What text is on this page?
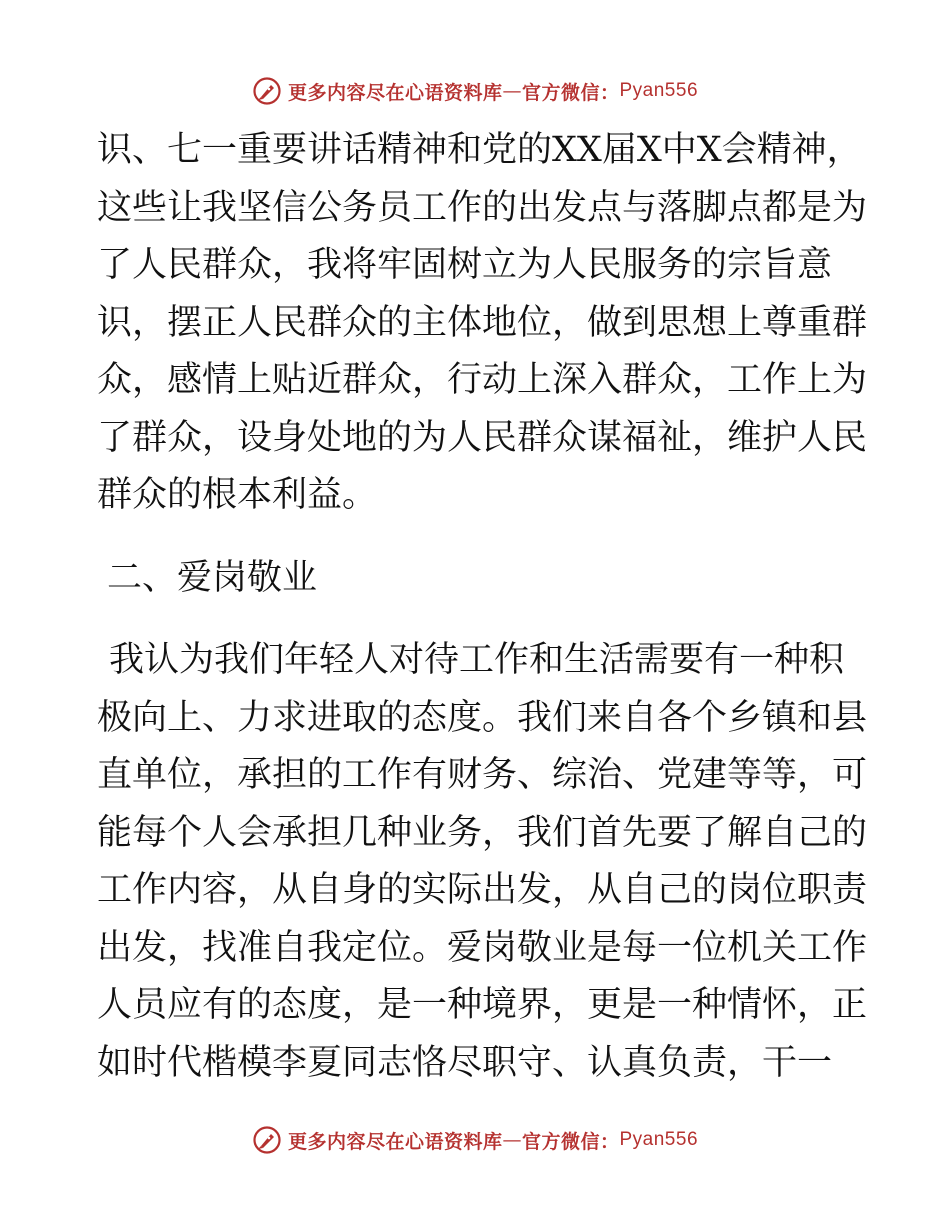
更多内容尽在心语资料库 — 官方微信： Pyan556
识、七一重要讲话精神和党的XX届X中X会精神，
这些让我坚信公务员工作的出发点与落脚点都是为
了人民群众，我将牢固树立为人民服务的宗旨意
识，摆正人民群众的主体地位，做到思想上尊重群
众，感情上贴近群众，行动上深入群众，工作上为
了群众，设身处地的为人民群众谋福祉，维护人民
群众的根本利益。
二、爱岗敬业
我认为我们年轻人对待工作和生活需要有一种积
极向上、力求进取的态度。我们来自各个乡镇和县
直单位，承担的工作有财务、综治、党建等等，可
能每个人会承担几种业务，我们首先要了解自己的
工作内容，从自身的实际出发，从自己的岗位职责
出发，找准自我定位。爱岗敬业是每一位机关工作
人员应有的态度，是一种境界，更是一种情怀，正
如时代楷模李夏同志恪尽职守、认真负责，干一
更多内容尽在心语资料库 — 官方微信： Pyan556
